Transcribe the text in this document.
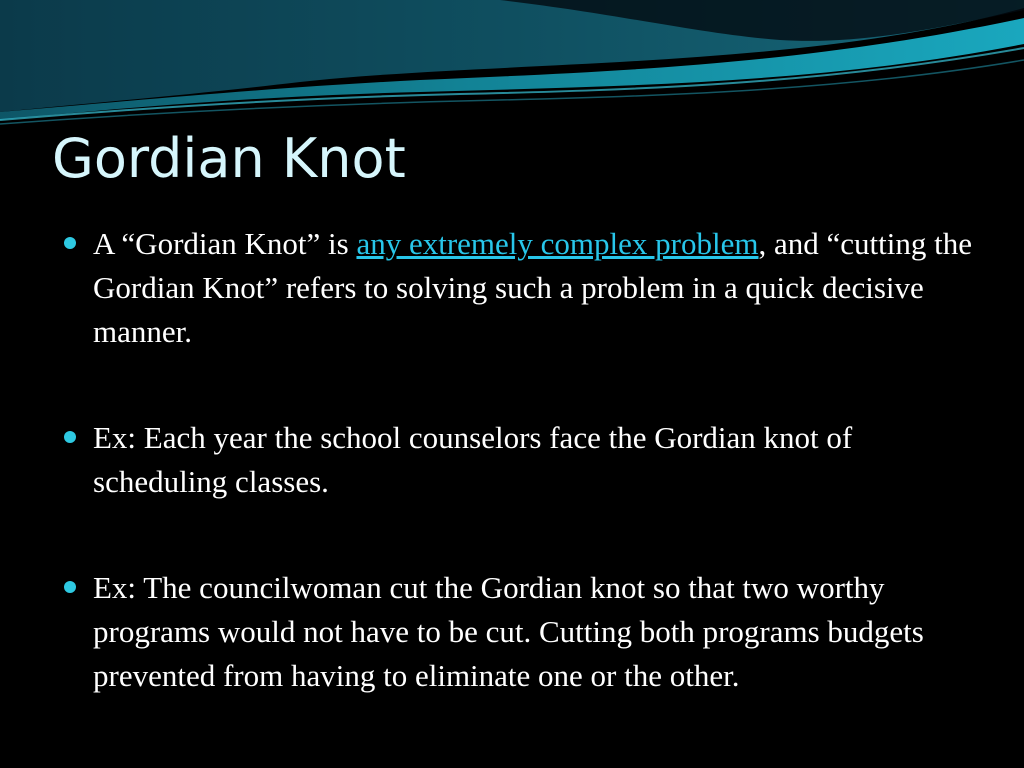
Gordian Knot
A “Gordian Knot” is any extremely complex problem, and “cutting the Gordian Knot” refers to solving such a problem in a quick decisive manner.
Ex: Each year the school counselors face the Gordian knot of scheduling classes.
Ex: The councilwoman cut the Gordian knot so that two worthy programs would not have to be cut. Cutting both programs budgets prevented from having to eliminate one or the other.
